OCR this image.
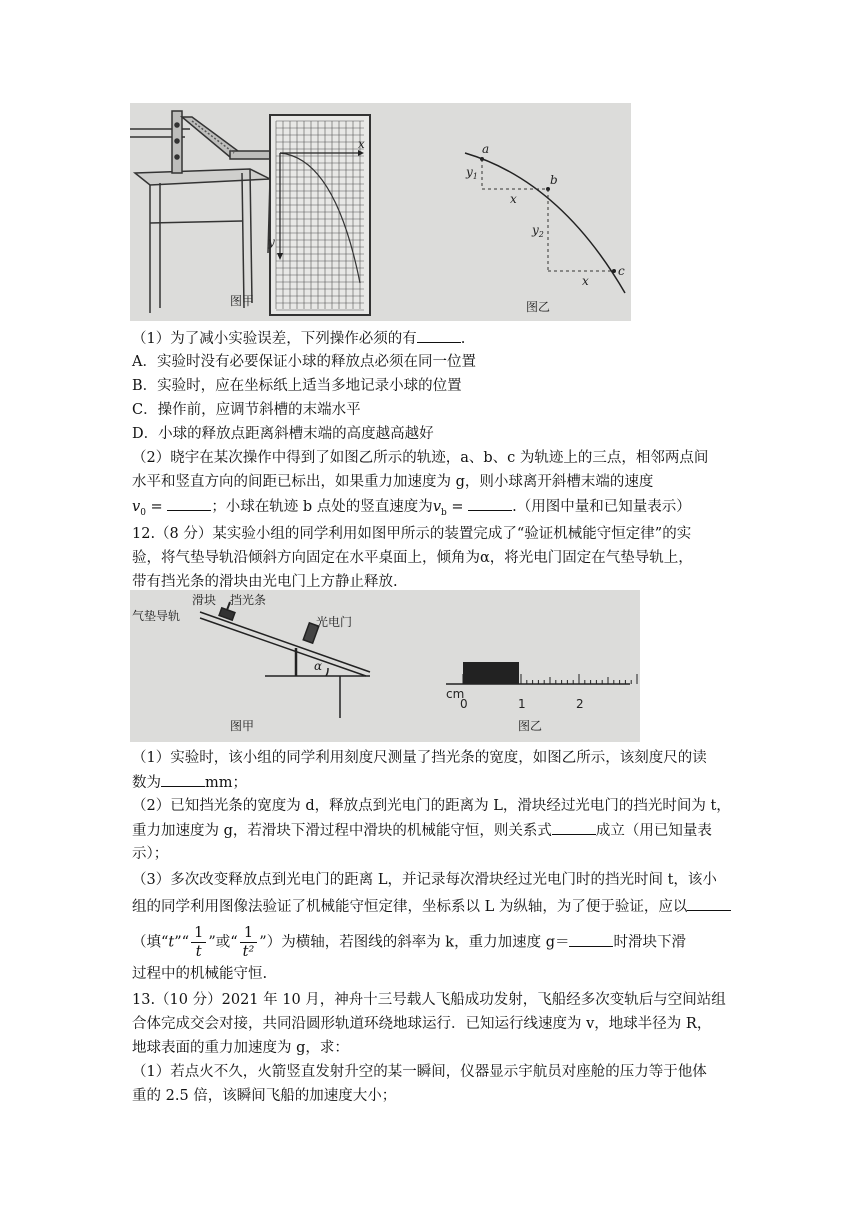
x
y
图甲
a
b
c
x
x
$y_1$
$y_2$
图乙
（1）为了减小实验误差，下列操作必须的有	.
A．实验时没有必要保证小球的释放点必须在同一位置
B．实验时，应在坐标纸上适当多地记录小球的位置
C．操作前，应调节斜槽的末端水平
D．小球的释放点距离斜槽末端的高度越高越好
（2）晓宇在某次操作中得到了如图乙所示的轨迹，a、b、c 为轨迹上的三点，相邻两点间
水平和竖直方向的间距已标出，如果重力加速度为 g，则小球离开斜槽末端的速度
$v_0$ =	；小球在轨迹 b 点处的竖直速度为$v_b$ =	.（用图中量和已知量表示）
12.（8 分）某实验小组的同学利用如图甲所示的装置完成了“验证机械能守恒定律”的实
验，将气垫导轨沿倾斜方向固定在水平桌面上，倾角为α，将光电门固定在气垫导轨上，
带有挡光条的滑块由光电门上方静止释放.
滑块 挡光条
气垫导轨	光电门
α
图甲
cm
0	1	2
图乙
（1）实验时，该小组的同学利用刻度尺测量了挡光条的宽度，如图乙所示，该刻度尺的读
数为	mm；
（2）已知挡光条的宽度为 d，释放点到光电门的距离为 L，滑块经过光电门的挡光时间为 t，
重力加速度为 g，若滑块下滑过程中滑块的机械能守恒，则关系式	成立（用已知量表
示）；
（3）多次改变释放点到光电门的距离 L，并记录每次滑块经过光电门时的挡光时间 t，该小
组的同学利用图像法验证了机械能守恒定律，坐标系以 L 为纵轴，为了便于验证，应以
（填“t”“ $\frac{1}{t}$ ”或“ $\frac{1}{\text{t²}}$ ”）为横轴，若图线的斜率为 k，重力加速度 g＝	时滑块下滑
过程中的机械能守恒.
13.（10 分）2021 年 10 月，神舟十三号载人飞船成功发射，飞船经多次变轨后与空间站组
合体完成交会对接，共同沿圆形轨道环绕地球运行．已知运行线速度为 v，地球半径为 R，
地球表面的重力加速度为 g，求：
（1）若点火不久，火箭竖直发射升空的某一瞬间，仪器显示宇航员对座舱的压力等于他体
重的 2.5 倍，该瞬间飞船的加速度大小；
